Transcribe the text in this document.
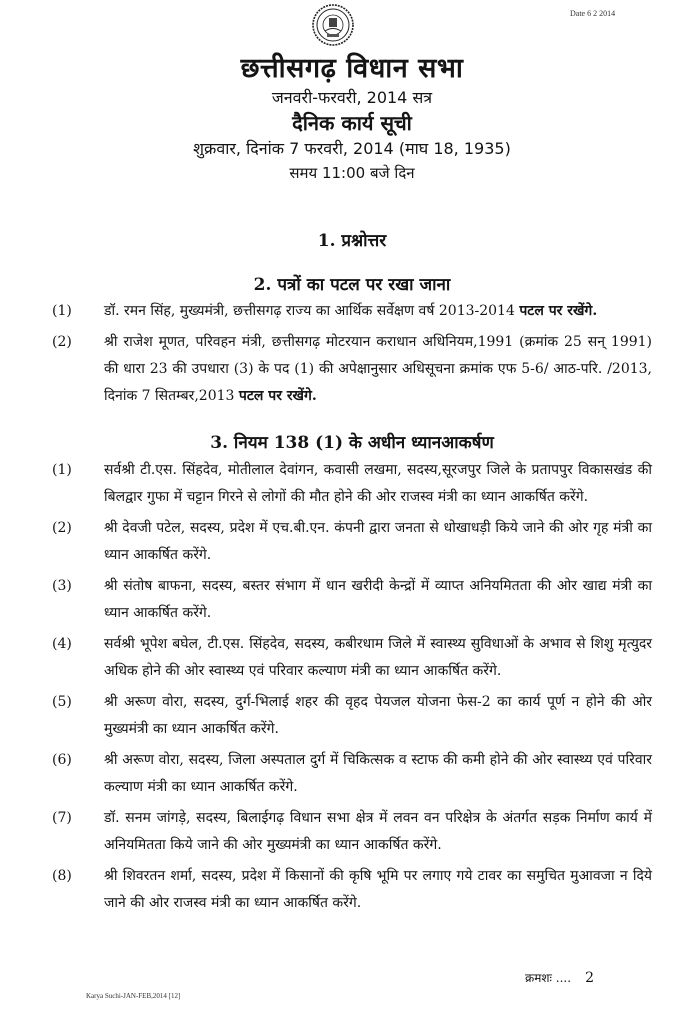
Date 6 2 2014
छत्तीसगढ़ विधान सभा
जनवरी-फरवरी, 2014 सत्र
दैनिक कार्य सूची
शुक्रवार, दिनांक 7 फरवरी, 2014 (माघ 18, 1935)
समय 11:00 बजे दिन
1. प्रश्नोत्तर
2. पत्रों का पटल पर रखा जाना
(1)	डॉ. रमन सिंह, मुख्यमंत्री, छत्तीसगढ़ राज्य का आर्थिक सर्वेक्षण वर्ष 2013-2014 पटल पर रखेंगे.
(2)	श्री राजेश मूणत, परिवहन मंत्री, छत्तीसगढ़ मोटरयान कराधान अधिनियम,1991 (क्रमांक 25 सन् 1991) की धारा 23 की उपधारा (3) के पद (1) की अपेक्षानुसार अधिसूचना क्रमांक एफ 5-6/ आठ-परि. /2013, दिनांक 7 सितम्बर,2013 पटल पर रखेंगे.
3. नियम 138 (1) के अधीन ध्यानआकर्षण
(1)	सर्वश्री टी.एस. सिंहदेव, मोतीलाल देवांगन, कवासी लखमा, सदस्य,सूरजपुर जिले के प्रतापपुर विकासखंड की बिलद्वार गुफा में चट्टान गिरने से लोगों की मौत होने की ओर राजस्व मंत्री का ध्यान आकर्षित करेंगे.
(2)	श्री देवजी पटेल, सदस्य, प्रदेश में एच.बी.एन. कंपनी द्वारा जनता से धोखाधड़ी किये जाने की ओर गृह मंत्री का ध्यान आकर्षित करेंगे.
(3)	श्री संतोष बाफना, सदस्य, बस्तर संभाग में धान खरीदी केन्द्रों में व्याप्त अनियमितता की ओर खाद्य मंत्री का ध्यान आकर्षित करेंगे.
(4)	सर्वश्री भूपेश बघेल, टी.एस. सिंहदेव, सदस्य, कबीरधाम जिले में स्वास्थ्य सुविधाओं के अभाव से शिशु मृत्युदर अधिक होने की ओर स्वास्थ्य एवं परिवार कल्याण मंत्री का ध्यान आकर्षित करेंगे.
(5)	श्री अरूण वोरा, सदस्य, दुर्ग-भिलाई शहर की वृहद पेयजल योजना फेस-2 का कार्य पूर्ण न होने की ओर मुख्यमंत्री का ध्यान आकर्षित करेंगे.
(6)	श्री अरूण वोरा, सदस्य, जिला अस्पताल दुर्ग में चिकित्सक व स्टाफ की कमी होने की ओर स्वास्थ्य एवं परिवार कल्याण मंत्री का ध्यान आकर्षित करेंगे.
(7)	डॉ. सनम जांगड़े, सदस्य, बिलाईगढ़ विधान सभा क्षेत्र में लवन वन परिक्षेत्र के अंतर्गत सड़क निर्माण कार्य में अनियमितता किये जाने की ओर मुख्यमंत्री का ध्यान आकर्षित करेंगे.
(8)	श्री शिवरतन शर्मा, सदस्य, प्रदेश में किसानों की कृषि भूमि पर लगाए गये टावर का समुचित मुआवजा न दिये जाने की ओर राजस्व मंत्री का ध्यान आकर्षित करेंगे.
क्रमशः .... 2
Karya Suchi-JAN-FEB,2014 [12]
